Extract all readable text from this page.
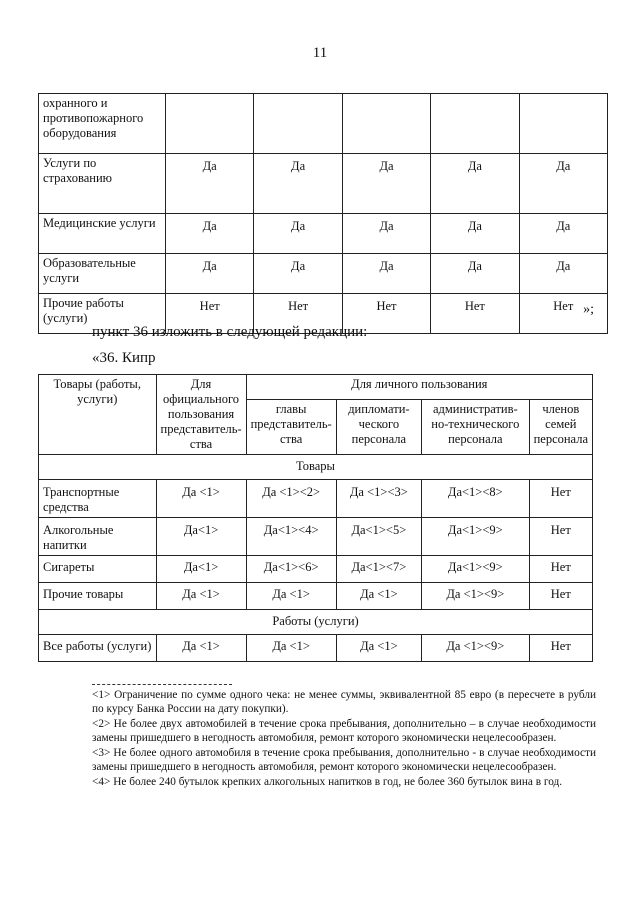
11
охранного и противопожарного оборудования					
Услуги по страхованию	Да	Да	Да	Да	Да
Медицинские услуги	Да	Да	Да	Да	Да
Образовательные услуги	Да	Да	Да	Да	Да
Прочие работы (услуги)	Нет	Нет	Нет	Нет	Нет »;
пункт 36 изложить в следующей редакции:
«36. Кипр
Товары (работы, услуги)	Для официального пользования представитель-ства	Для личного пользования			
		главы представитель-ства	дипломати-ческого персонала	административ-но-технического персонала	членов семей персонала
Товары					
Транспортные средства	Да <1>	Да <1><2>	Да <1><3>	Да<1><8>	Нет
Алкогольные напитки	Да<1>	Да<1><4>	Да<1><5>	Да<1><9>	Нет
Сигареты	Да<1>	Да<1><6>	Да<1><7>	Да<1><9>	Нет
Прочие товары	Да <1>	Да <1>	Да <1>	Да <1><9>	Нет
Работы (услуги)					
Все работы (услуги)	Да <1>	Да <1>	Да <1>	Да <1><9>	Нет

<1> Ограничение по сумме одного чека: не менее суммы, эквивалентной 85 евро (в пересчете в рубли по курсу Банка России на дату покупки).

<2> Не более двух автомобилей в течение срока пребывания, дополнительно – в случае необходимости замены пришедшего в негодность автомобиля, ремонт которого экономически нецелесообразен.

<3> Не более одного автомобиля в течение срока пребывания, дополнительно - в случае необходимости замены пришедшего в негодность автомобиля, ремонт которого экономически нецелесообразен.

<4> Не более 240 бутылок крепких алкогольных напитков в год, не более 360 бутылок вина в год.
